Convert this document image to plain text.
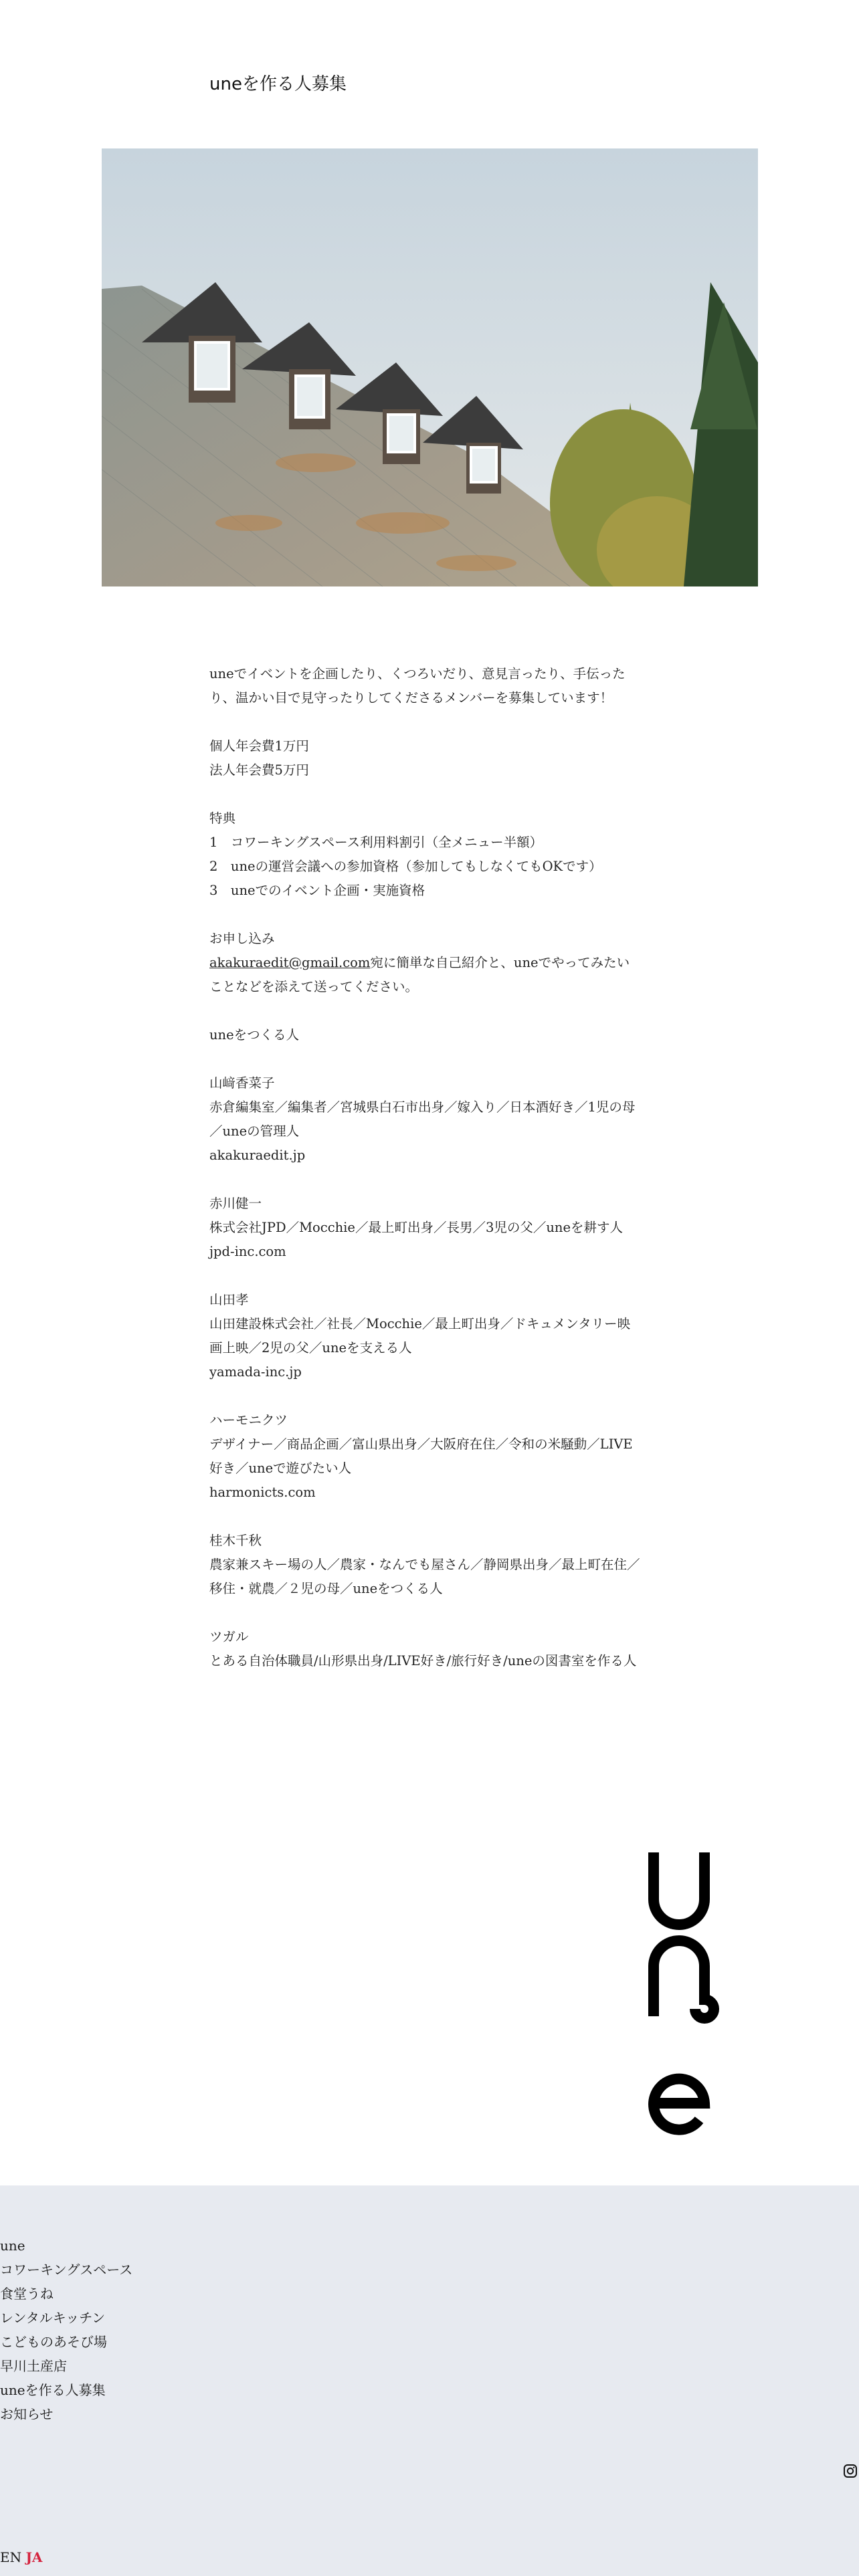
uneを作る人募集

uneでイベントを企画したり、くつろいだり、意見言ったり、手伝った
り、温かい目で見守ったりしてくださるメンバーを募集しています！

個人年会費1万円
法人年会費5万円

特典
1　コワーキングスペース利用料割引（全メニュー半額）
2　uneの運営会議への参加資格（参加してもしなくてもOKです）
3　uneでのイベント企画・実施資格

お申し込み
akakuraedit@gmail.com宛に簡単な自己紹介と、uneでやってみたい
ことなどを添えて送ってください。

uneをつくる人

山﨑香菜子
赤倉編集室／編集者／宮城県白石市出身／嫁入り／日本酒好き／1児の母
／uneの管理人
akakuraedit.jp

赤川健一
株式会社JPD／Mocchie／最上町出身／長男／3児の父／uneを耕す人
jpd-inc.com

山田孝
山田建設株式会社／社長／Mocchie／最上町出身／ドキュメンタリー映
画上映／2児の父／uneを支える人
yamada-inc.jp

ハーモニクツ
デザイナー／商品企画／富山県出身／大阪府在住／令和の米騒動／LIVE
好き／uneで遊びたい人
harmonicts.com

桂木千秋
農家兼スキー場の人／農家・なんでも屋さん／静岡県出身／最上町在住／
移住・就農／２児の母／uneをつくる人

ツガル
とある自治体職員/山形県出身/LIVE好き/旅行好き/uneの図書室を作る人

une
コワーキングスペース
食堂うね
レンタルキッチン
こどものあそび場
早川土産店
uneを作る人募集
お知らせ
EN JA
